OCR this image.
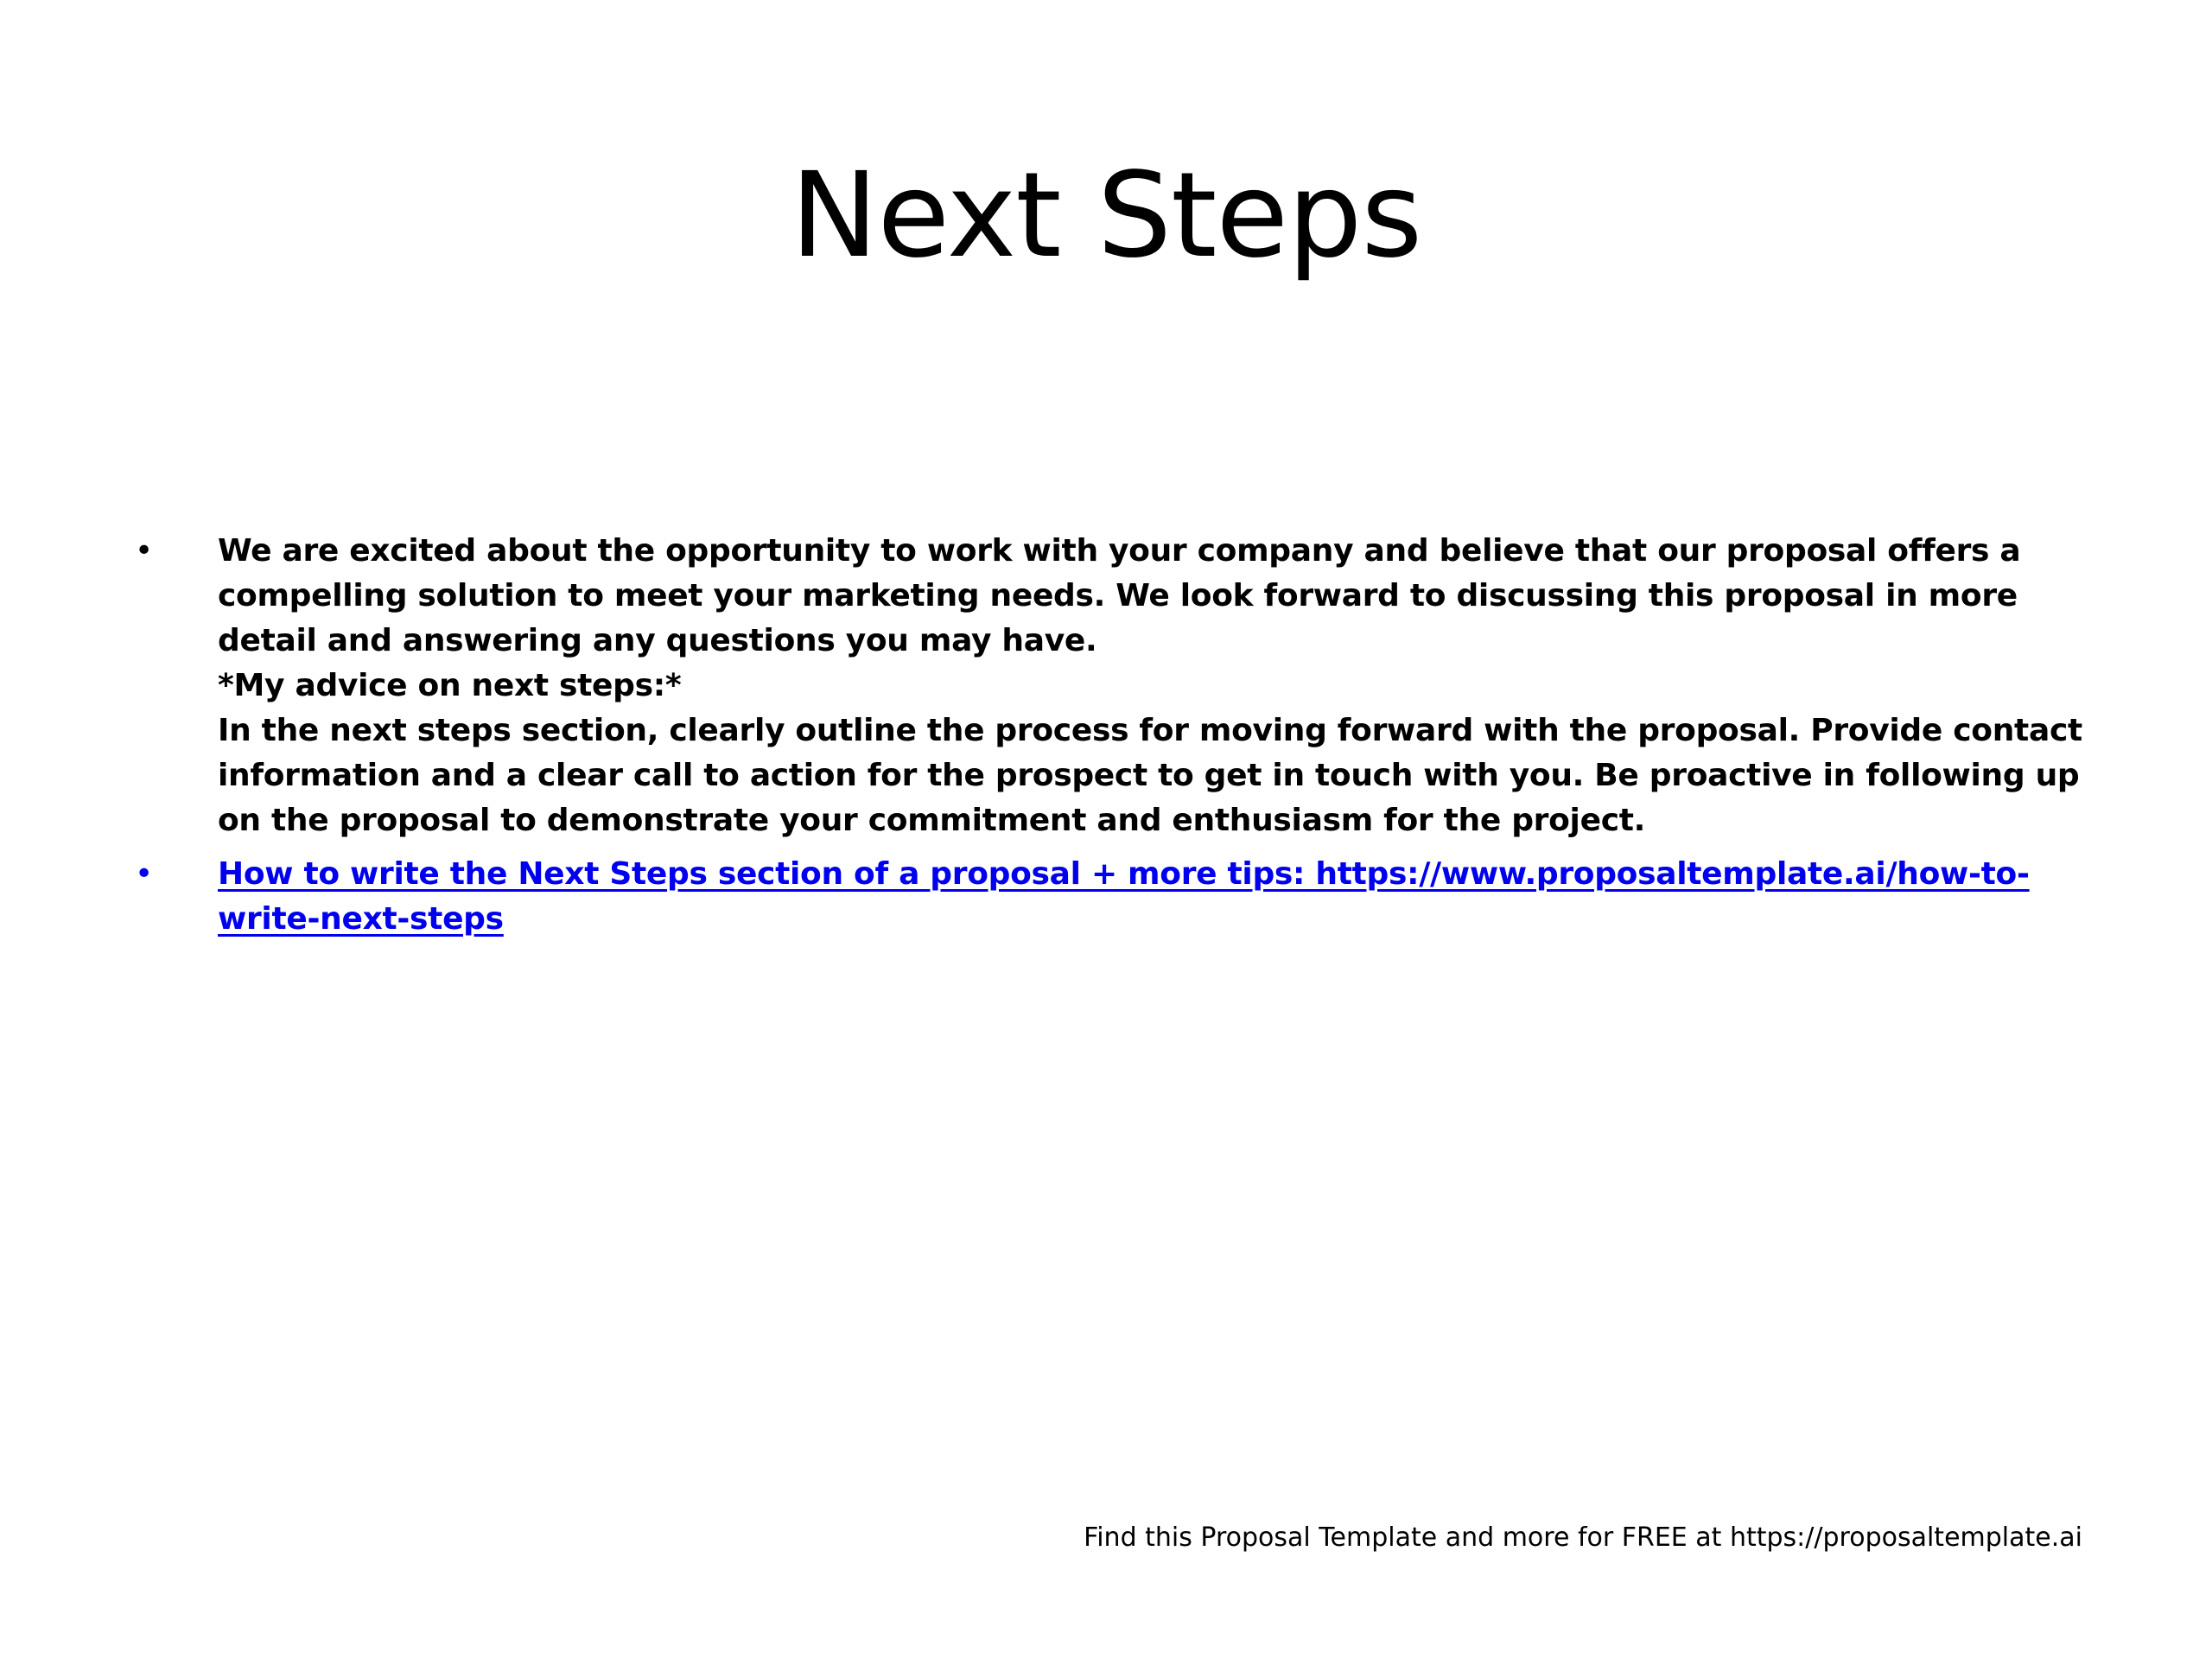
Next Steps
•	We are excited about the opportunity to work with your company and believe that our proposal offers a compelling solution to meet your marketing needs. We look forward to discussing this proposal in more detail and answering any questions you may have.

*My advice on next steps:*

In the next steps section, clearly outline the process for moving forward with the proposal. Provide contact information and a clear call to action for the prospect to get in touch with you. Be proactive in following up on the proposal to demonstrate your commitment and enthusiasm for the project.

•	How to write the Next Steps section of a proposal + more tips: https://www.proposaltemplate.ai/how-to-write-next-steps
Find this Proposal Template and more for FREE at https://proposaltemplate.ai
